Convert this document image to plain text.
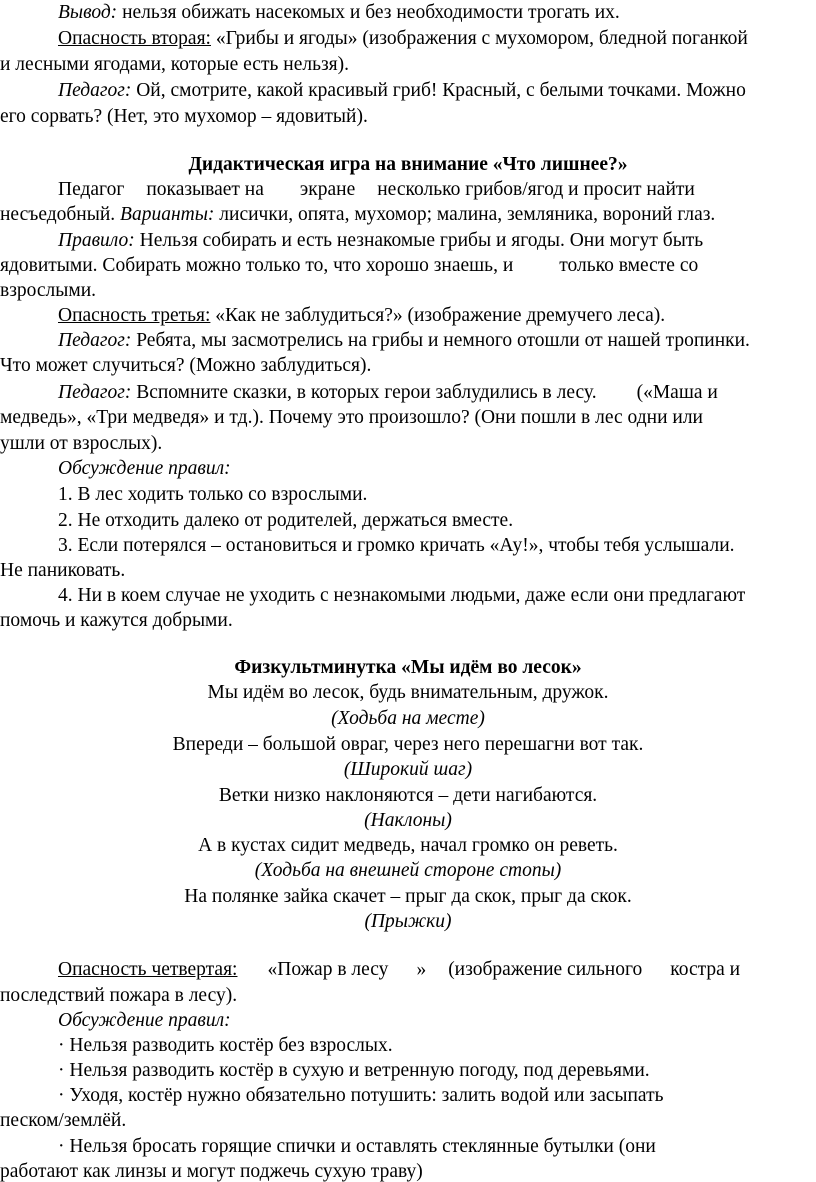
Вывод: нельзя обижать насекомых и без необходимости трогать их.
Опасность вторая: «Грибы и ягоды» (изображения с мухомором, бледной поганкой
и лесными ягодами, которые есть нельзя).
Педагог: Ой, смотрите, какой красивый гриб! Красный, с белыми точками. Можно
его сорвать? (Нет, это мухомор – ядовитый).
Дидактическая игра на внимание «Что лишнее?»
Педагог показывает на экране несколько грибов/ягод и просит найти
несъедобный. Варианты: лисички, опята, мухомор; малина, земляника, вороний глаз.
Правило: Нельзя собирать и есть незнакомые грибы и ягоды. Они могут быть
ядовитыми. Собирать можно только то, что хорошо знаешь, и только вместе со
взрослыми.
Опасность третья: «Как не заблудиться?» (изображение дремучего леса).
Педагог: Ребята, мы засмотрелись на грибы и немного отошли от нашей тропинки.
Что может случиться? (Можно заблудиться).
Педагог: Вспомните сказки, в которых герои заблудились в лесу. («Маша и
медведь», «Три медведя» и тд.). Почему это произошло? (Они пошли в лес одни или
ушли от взрослых).
Обсуждение правил:
1. В лес ходить только со взрослыми.
2. Не отходить далеко от родителей, держаться вместе.
3. Если потерялся – остановиться и громко кричать «Ау!», чтобы тебя услышали.
Не паниковать.
4. Ни в коем случае не уходить с незнакомыми людьми, даже если они предлагают
помочь и кажутся добрыми.
Физкультминутка «Мы идём во лесок»
Мы идём во лесок, будь внимательным, дружок.
(Ходьба на месте)
Впереди – большой овраг, через него перешагни вот так.
(Широкий шаг)
Ветки низко наклоняются – дети нагибаются.
(Наклоны)
А в кустах сидит медведь, начал громко он реветь.
(Ходьба на внешней стороне стопы)
На полянке зайка скачет – прыг да скок, прыг да скок.
(Прыжки)
Опасность четвертая: «Пожар в лесу » (изображение сильного костра и
последствий пожара в лесу).
Обсуждение правил:
· Нельзя разводить костёр без взрослых.
· Нельзя разводить костёр в сухую и ветренную погоду, под деревьями.
· Уходя, костёр нужно обязательно потушить: залить водой или засыпать
песком/землёй.
· Нельзя бросать горящие спички и оставлять стеклянные бутылки (они
работают как линзы и могут поджечь сухую траву)
